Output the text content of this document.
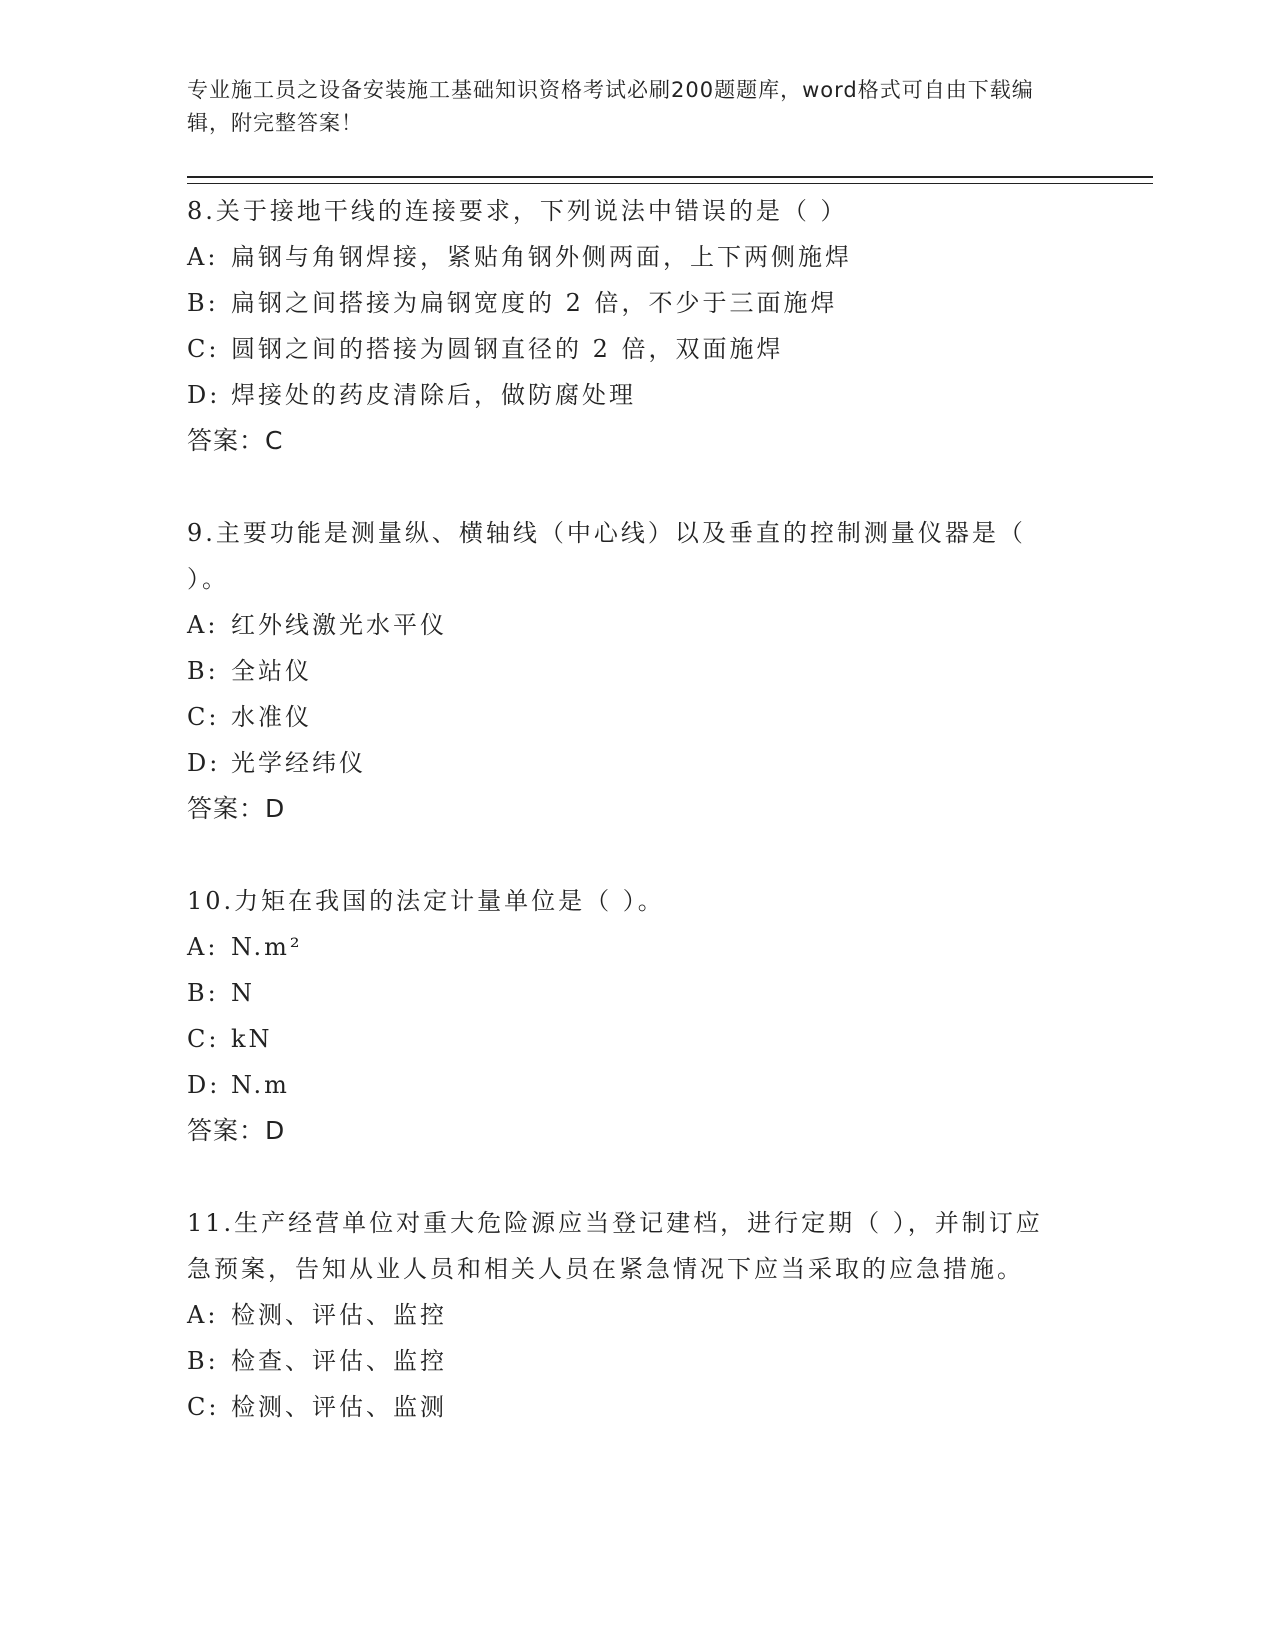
专业施工员之设备安装施工基础知识资格考试必刷200题题库，word格式可自由下载编辑，附完整答案！
8.关于接地干线的连接要求，下列说法中错误的是（ ）
A: 扁钢与角钢焊接，紧贴角钢外侧两面，上下两侧施焊
B: 扁钢之间搭接为扁钢宽度的 2 倍，不少于三面施焊
C: 圆钢之间的搭接为圆钢直径的 2 倍，双面施焊
D: 焊接处的药皮清除后，做防腐处理
答案：C
9.主要功能是测量纵、横轴线（中心线）以及垂直的控制测量仪器是（ ）。
A: 红外线激光水平仪
B: 全站仪
C: 水准仪
D: 光学经纬仪
答案：D
10.力矩在我国的法定计量单位是（ ）。
A: N.m²
B: N
C: kN
D: N.m
答案：D
11.生产经营单位对重大危险源应当登记建档，进行定期（ ），并制订应急预案，告知从业人员和相关人员在紧急情况下应当采取的应急措施。
A: 检测、评估、监控
B: 检查、评估、监控
C: 检测、评估、监测
